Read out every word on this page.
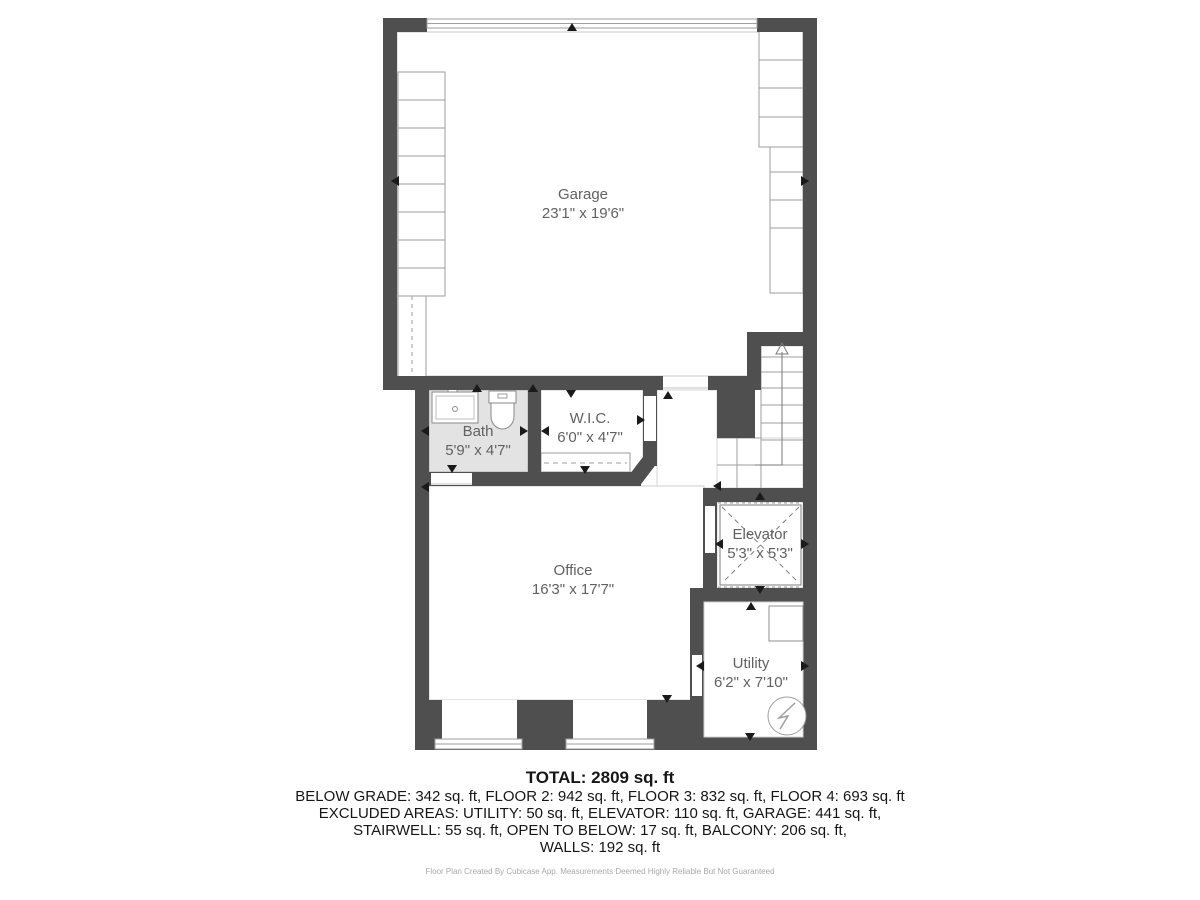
Garage
23'1" x 19'6"
Bath
5'9" x 4'7"
W.I.C.
6'0" x 4'7"
Office
16'3" x 17'7"
Elevator
5'3" x 5'3"
Utility
6'2" x 7'10"
TOTAL: 2809 sq. ft
BELOW GRADE: 342 sq. ft, FLOOR 2: 942 sq. ft, FLOOR 3: 832 sq. ft, FLOOR 4: 693 sq. ft
EXCLUDED AREAS: UTILITY: 50 sq. ft, ELEVATOR: 110 sq. ft, GARAGE: 441 sq. ft,
STAIRWELL: 55 sq. ft, OPEN TO BELOW: 17 sq. ft, BALCONY: 206 sq. ft,
WALLS: 192 sq. ft
Floor Plan Created By Cubicase App. Measurements Deemed Highly Reliable But Not Guaranteed
